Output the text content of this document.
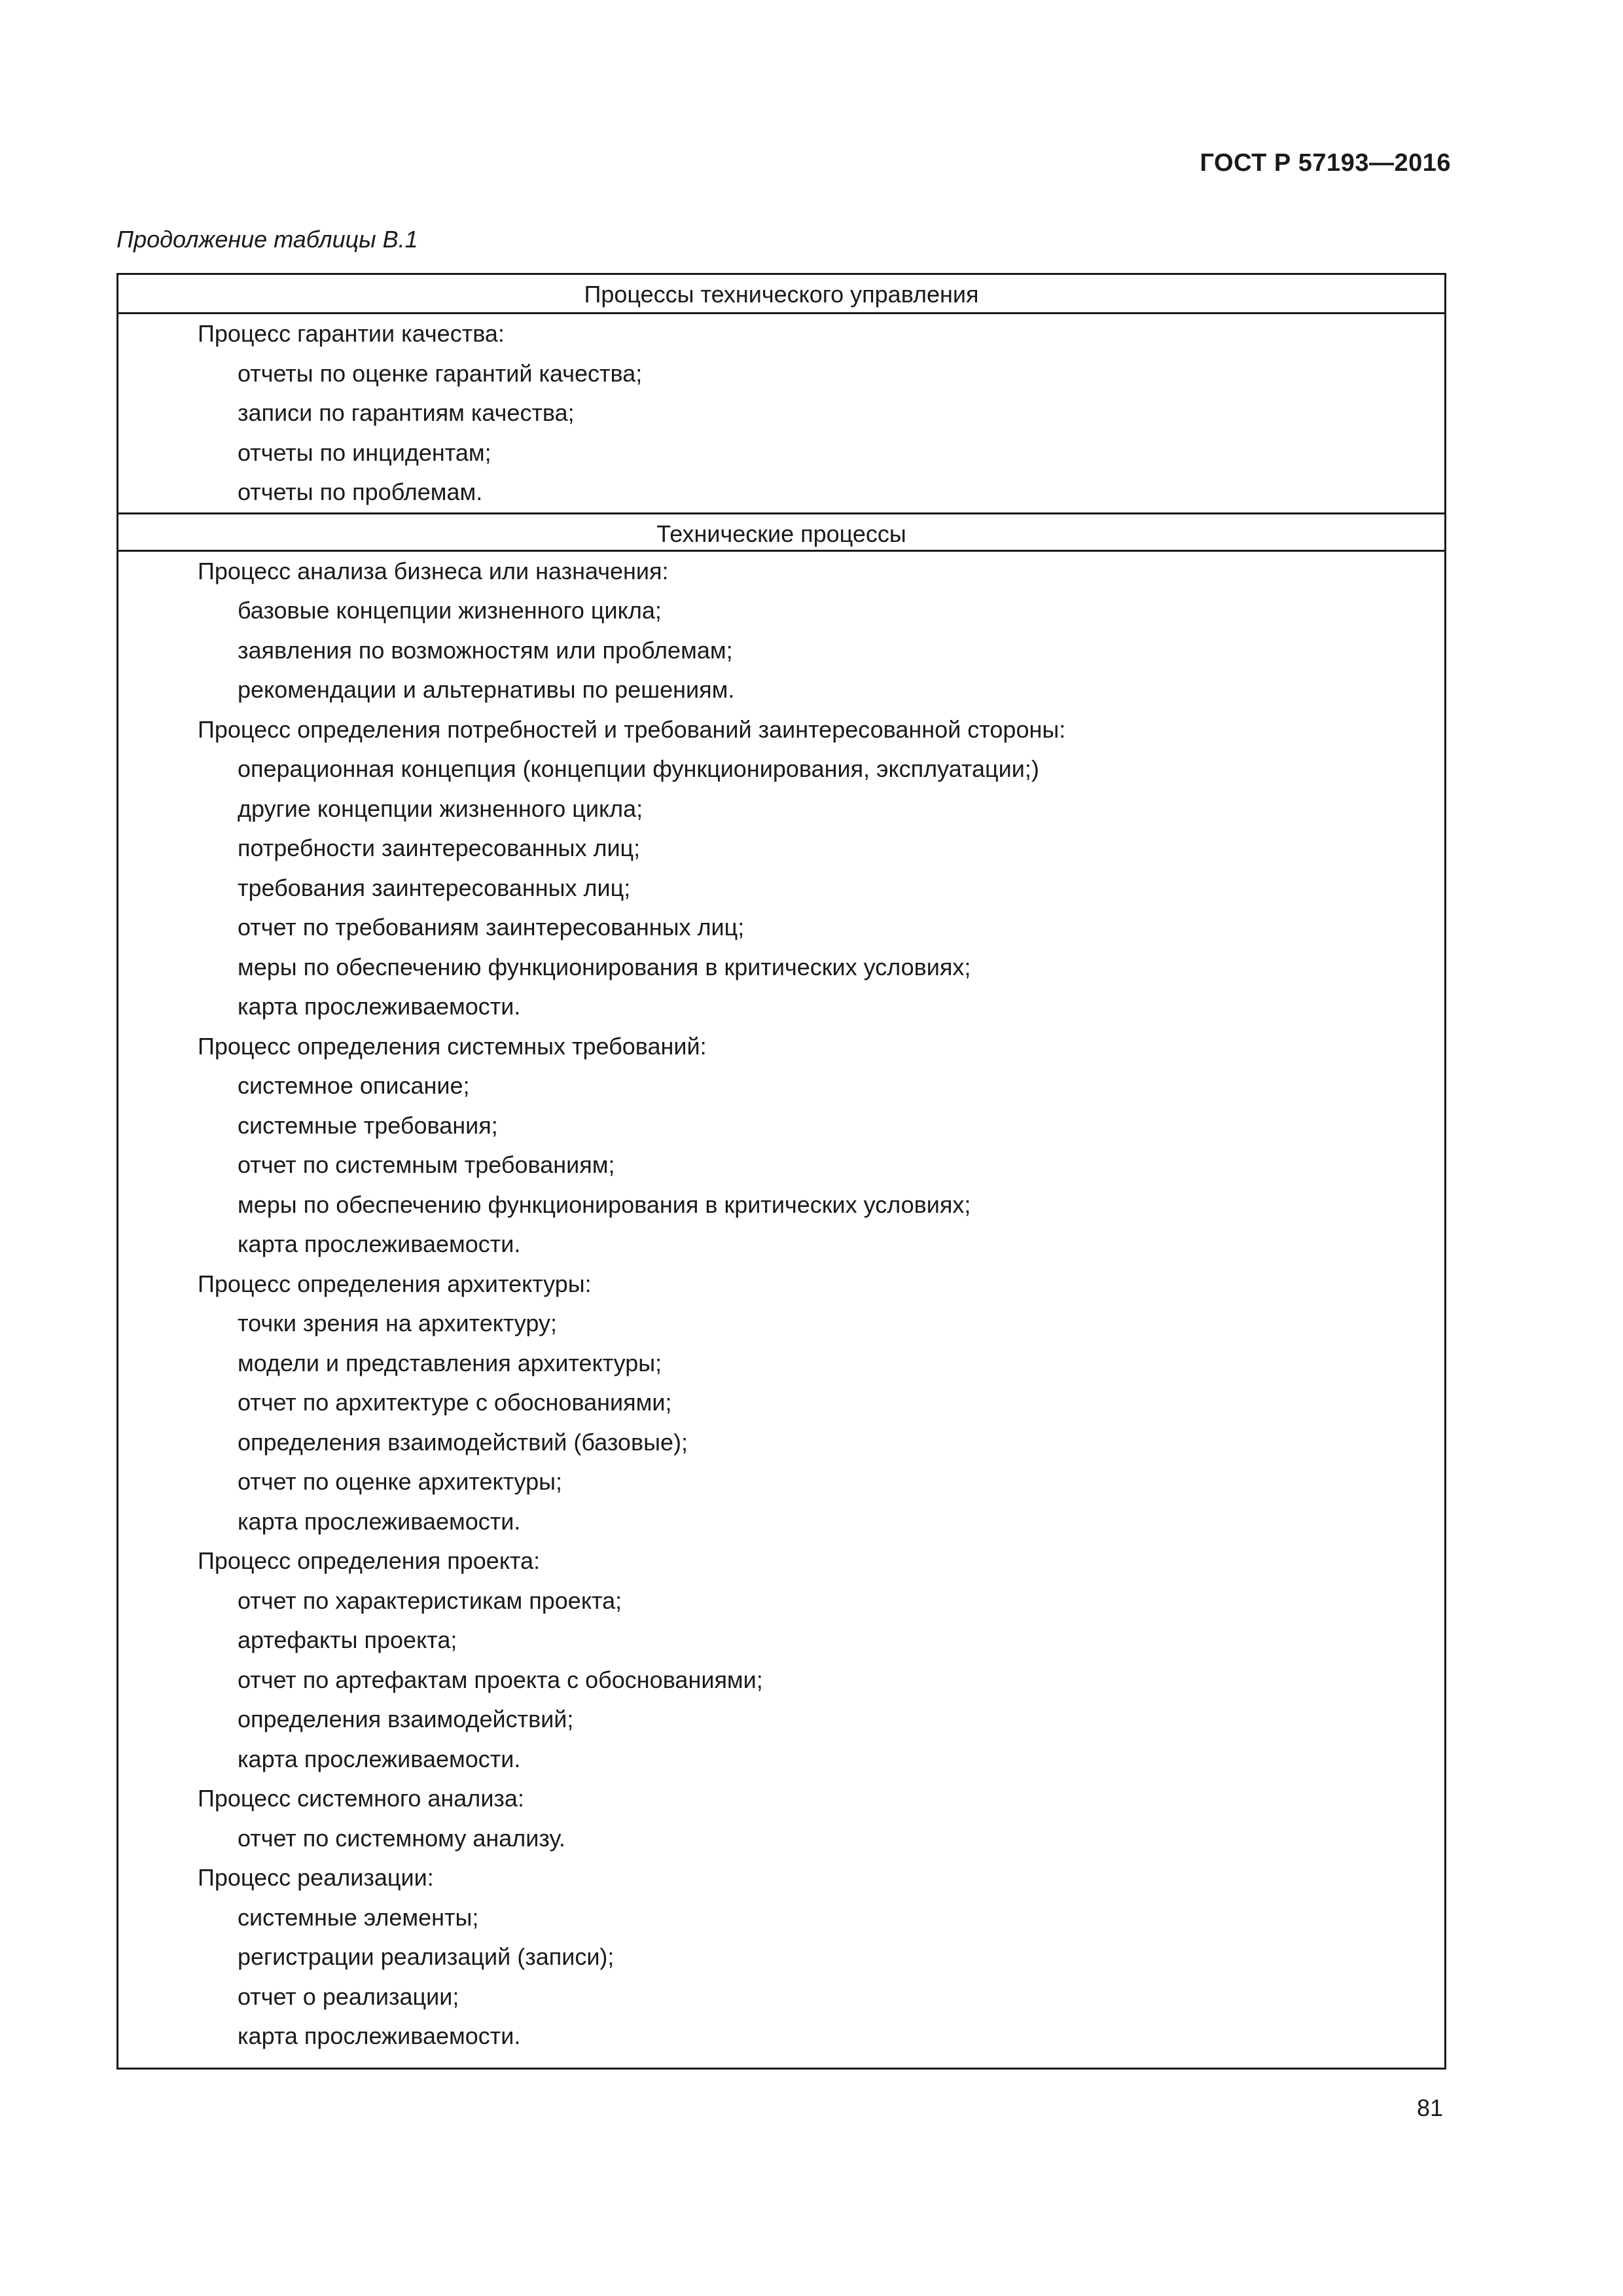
ГОСТ Р 57193—2016
Продолжение таблицы В.1
Процессы технического управления
Процесс гарантии качества:
отчеты по оценке гарантий качества;
записи по гарантиям качества;
отчеты по инцидентам;
отчеты по проблемам.
Технические процессы
Процесс анализа бизнеса или назначения:
базовые концепции жизненного цикла;
заявления по возможностям или проблемам;
рекомендации и альтернативы по решениям.
Процесс определения потребностей и требований заинтересованной стороны:
операционная концепция (концепции функционирования, эксплуатации;)
другие концепции жизненного цикла;
потребности заинтересованных лиц;
требования заинтересованных лиц;
отчет по требованиям заинтересованных лиц;
меры по обеспечению функционирования в критических условиях;
карта прослеживаемости.
Процесс определения системных требований:
системное описание;
системные требования;
отчет по системным требованиям;
меры по обеспечению функционирования в критических условиях;
карта прослеживаемости.
Процесс определения архитектуры:
точки зрения на архитектуру;
модели и представления архитектуры;
отчет по архитектуре с обоснованиями;
определения взаимодействий (базовые);
отчет по оценке архитектуры;
карта прослеживаемости.
Процесс определения проекта:
отчет по характеристикам проекта;
артефакты проекта;
отчет по артефактам проекта с обоснованиями;
определения взаимодействий;
карта прослеживаемости.
Процесс системного анализа:
отчет по системному анализу.
Процесс реализации:
системные элементы;
регистрации реализаций (записи);
отчет о реализации;
карта прослеживаемости.
81
